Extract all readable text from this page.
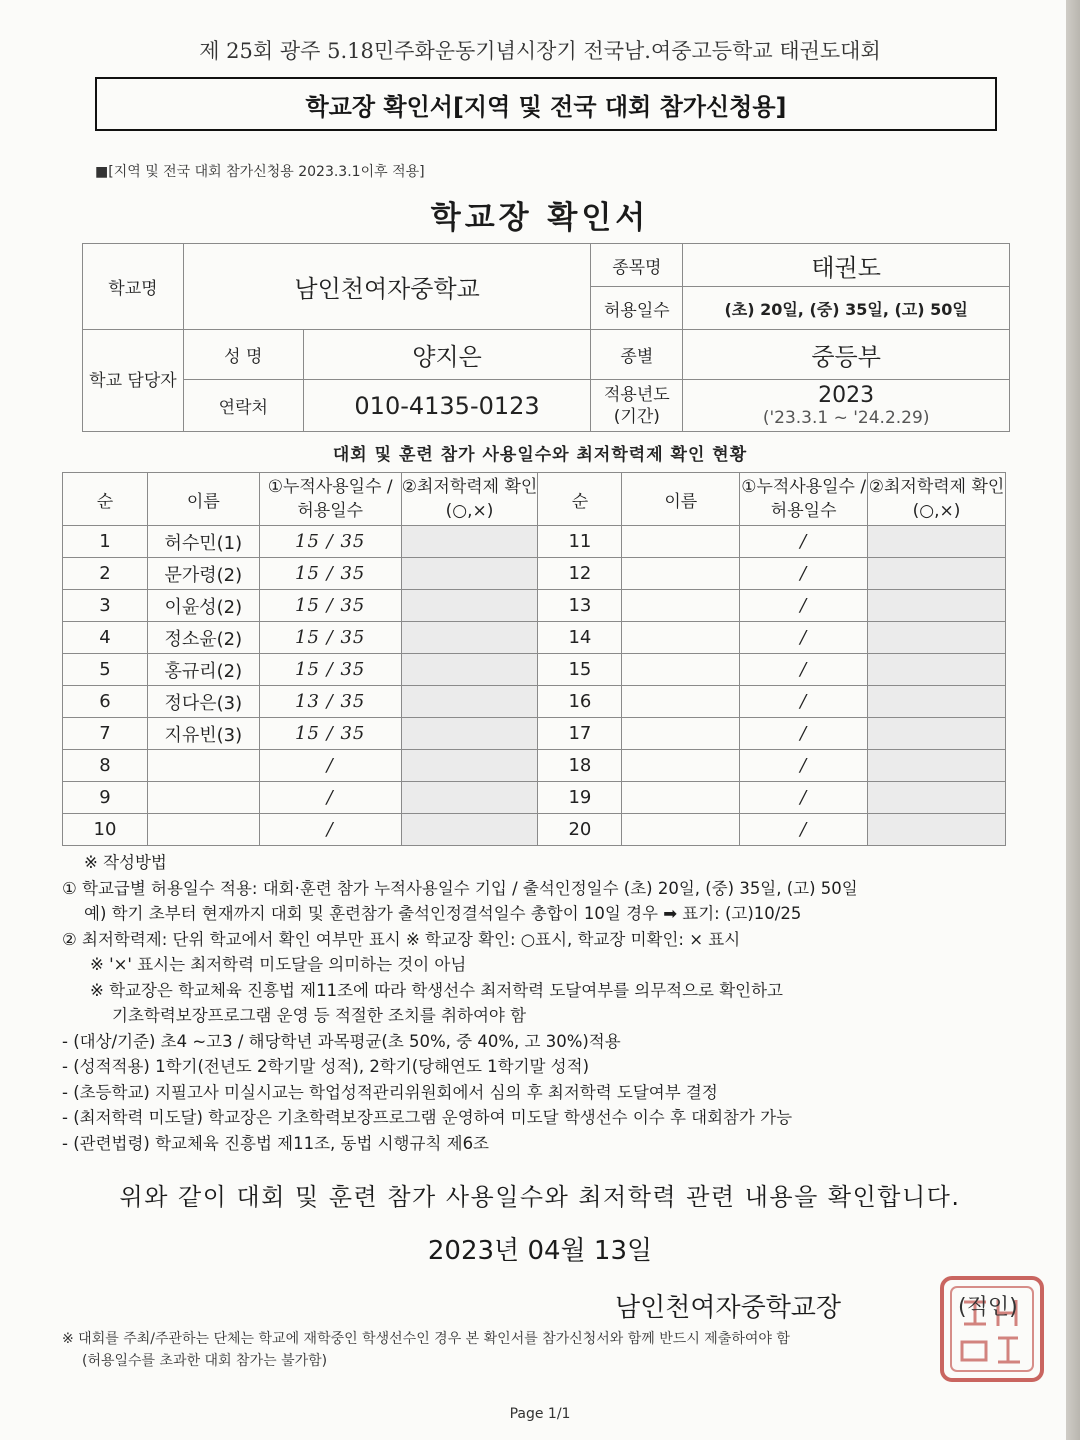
제 25회 광주 5.18민주화운동기념시장기 전국남.여중고등학교 태권도대회
학교장 확인서[지역 및 전국 대회 참가신청용]
■[지역 및 전국 대회 참가신청용 2023.3.1이후 적용]
학교장 확인서
학교명	남인천여자중학교		종목명	태권도
			허용일수	(초) 20일, (중) 35일, (고) 50일
학교 담당자	성 명	양지은	종별	중등부
	연락처	010-4135-0123	적용년도 (기간)	2023
('23.3.1 ~ '24.2.29)
대회 및 훈련 참가 사용일수와 최저학력제 확인 현황
순	이름	①누적사용일수 /허용일수	②최저학력제 확인(○,×)	순	이름	①누적사용일수 /허용일수	②최저학력제 확인(○,×)
1	허수민(1)	15 / 35		11		/	
2	문가령(2)	15 / 35		12		/	
3	이윤성(2)	15 / 35		13		/	
4	정소윤(2)	15 / 35		14		/	
5	홍규리(2)	15 / 35		15		/	
6	정다은(3)	13 / 35		16		/	
7	지유빈(3)	15 / 35		17		/	
8		/		18		/	
9		/		19		/	
10		/		20		/	
※ 작성방법
① 학교급별 허용일수 적용: 대회·훈련 참가 누적사용일수 기입 / 출석인정일수 (초) 20일, (중) 35일, (고) 50일
예) 학기 초부터 현재까지 대회 및 훈련참가 출석인정결석일수 총합이 10일 경우 ➡ 표기: (고)10/25
② 최저학력제: 단위 학교에서 확인 여부만 표시 ※ 학교장 확인: ○표시, 학교장 미확인: × 표시
※ '×' 표시는 최저학력 미도달을 의미하는 것이 아님
※ 학교장은 학교체육 진흥법 제11조에 따라 학생선수 최저학력 도달여부를 의무적으로 확인하고
기초학력보장프로그램 운영 등 적절한 조치를 취하여야 함
- (대상/기준) 초4 ~고3 / 해당학년 과목평균(초 50%, 중 40%, 고 30%)적용
- (성적적용) 1학기(전년도 2학기말 성적), 2학기(당해연도 1학기말 성적)
- (초등학교) 지필고사 미실시교는 학업성적관리위원회에서 심의 후 최저학력 도달여부 결정
- (최저학력 미도달) 학교장은 기초학력보장프로그램 운영하여 미도달 학생선수 이수 후 대회참가 가능
- (관련법령) 학교체육 진흥법 제11조, 동법 시행규칙 제6조
위와 같이 대회 및 훈련 참가 사용일수와 최저학력 관련 내용을 확인합니다.
2023년 04월 13일
남인천여자중학교장	(직인)
※ 대회를 주최/주관하는 단체는 학교에 재학중인 학생선수인 경우 본 확인서를 참가신청서와 함께 반드시 제출하여야 함
(허용일수를 초과한 대회 참가는 불가함)
Page 1/1
